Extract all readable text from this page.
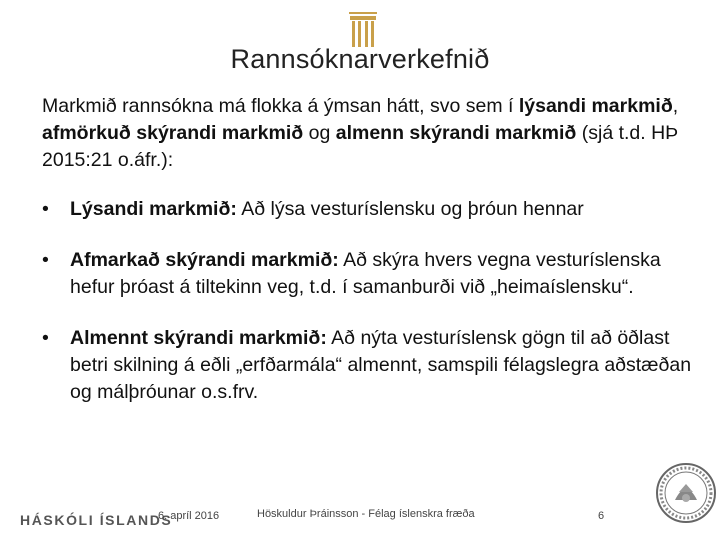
Rannsóknarverkefnið
Markmið rannsókna má flokka á ýmsan hátt, svo sem í lýsandi markmið, afmörkuð skýrandi markmið og almenn skýrandi markmið (sjá t.d. HÞ 2015:21 o.áfr.):
• Lýsandi markmið: Að lýsa vesturíslensku og þróun hennar
• Afmarkað skýrandi markmið: Að skýra hvers vegna vesturíslenska hefur þróast á tiltekinn veg, t.d. í samanburði við „heimaíslensku“.
• Almennt skýrandi markmið: Að nýta vesturíslensk gögn til að öðlast betri skilning á eðli „erfðarmála“ almennt, samspili félagslegra aðstæðan og málþróunar o.s.frv.
HÁSKÓLI ÍSLANDS
6. apríl 2016	Höskuldur Þráinsson - Félag íslenskra fræða	6
